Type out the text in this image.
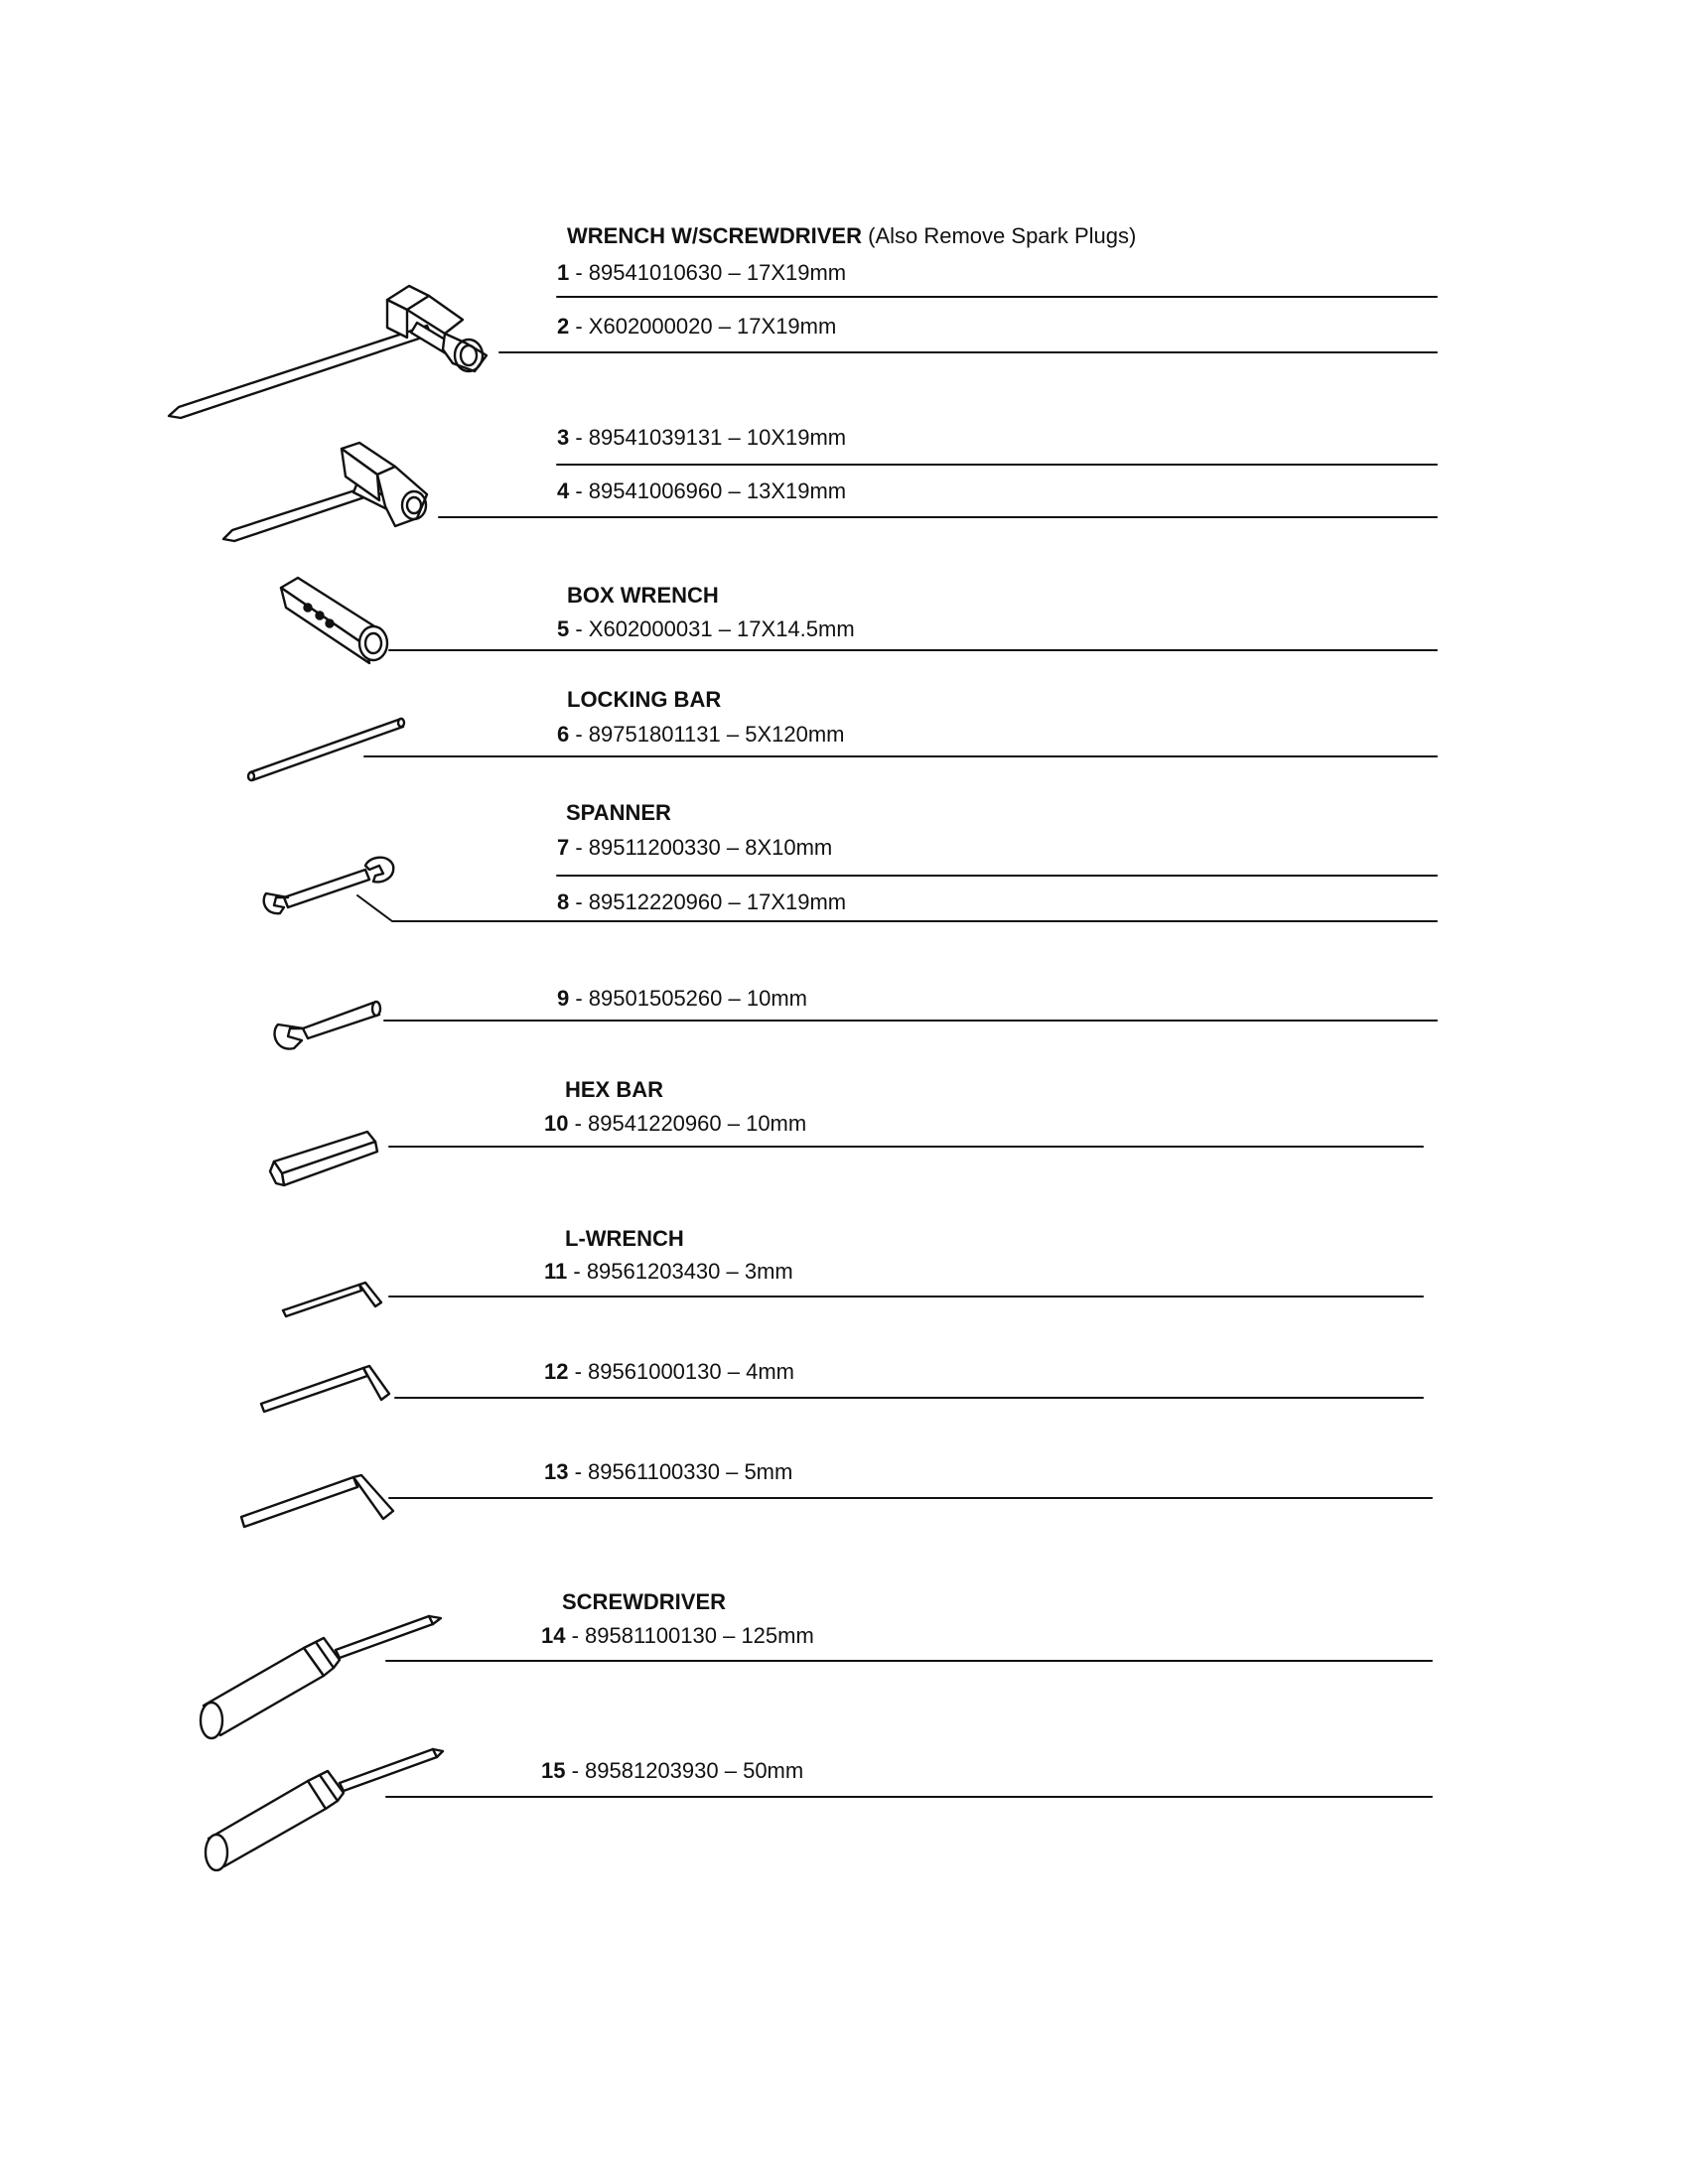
WRENCH W/SCREWDRIVER (Also Remove Spark Plugs)
BOX WRENCH
LOCKING BAR
SPANNER
HEX BAR
L-WRENCH
SCREWDRIVER
1 - 89541010630 – 17X19mm
2 - X602000020 – 17X19mm
3 - 89541039131 – 10X19mm
4 - 89541006960 – 13X19mm
5 - X602000031 – 17X14.5mm
6 - 89751801131 – 5X120mm
7 - 89511200330 – 8X10mm
8 - 89512220960 – 17X19mm
9 - 89501505260 – 10mm
10 - 89541220960 – 10mm
11 - 89561203430 – 3mm
12 - 89561000130 – 4mm
13 - 89561100330 – 5mm
14 - 89581100130 – 125mm
15 - 89581203930 – 50mm
